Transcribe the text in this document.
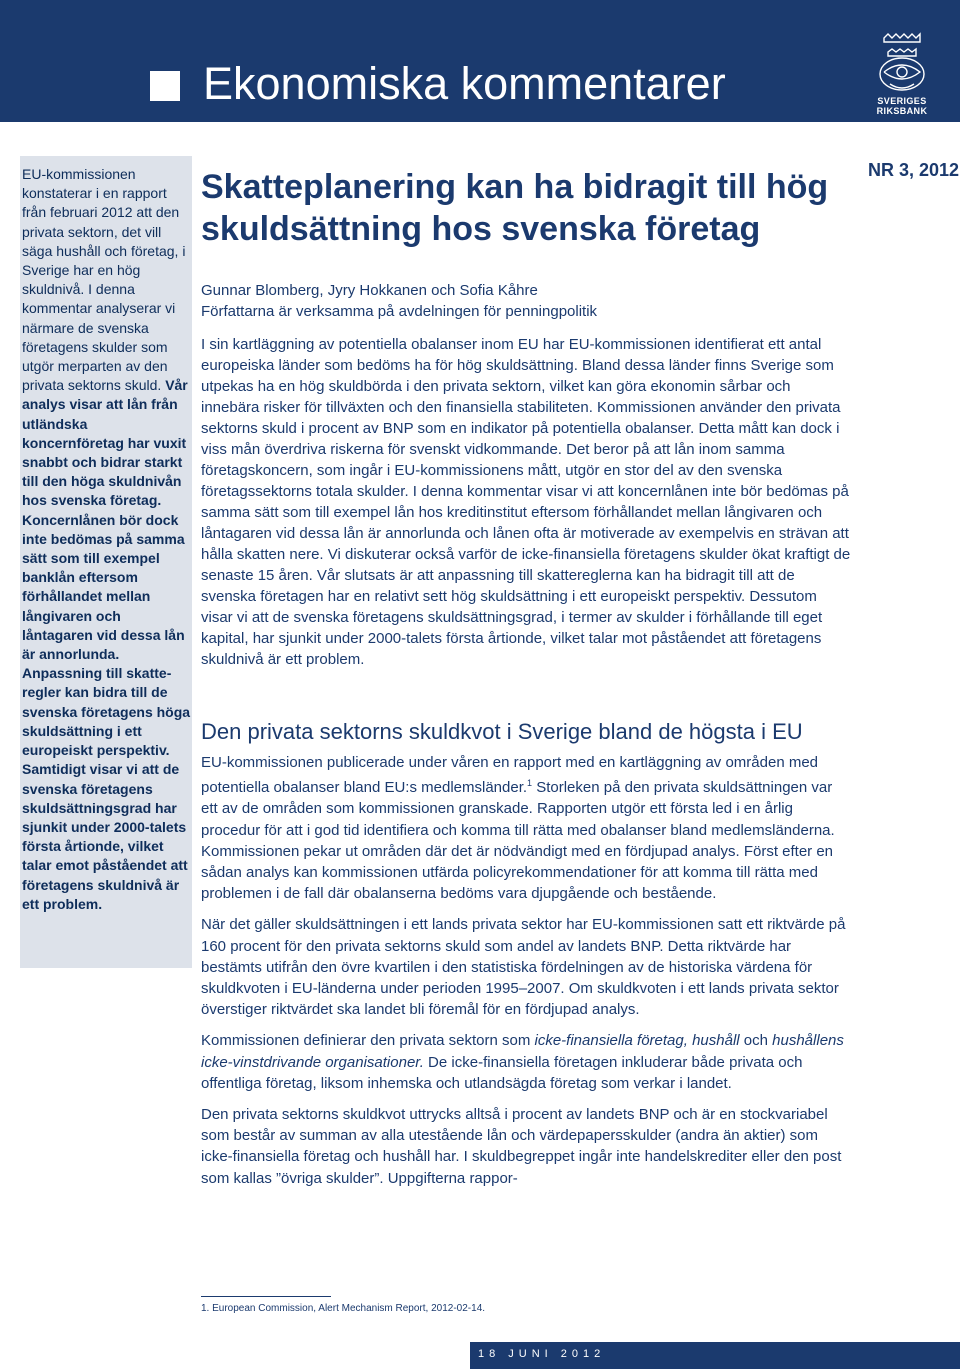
Ekonomiska kommentarer	SVERIGES
RIKSBANK
NR 3, 2012
EU-kommissionen konstaterar i en rapport från februari 2012 att den privata sektorn, det vill säga hushåll och företag, i Sverige har en hög skuldnivå. I denna kommentar analyserar vi närmare de svenska företagens skulder som utgör merparten av den privata sektorns skuld. Vår analys visar att lån från utländska koncernföretag har vuxit snabbt och bidrar starkt till den höga skuldnivån hos svenska företag. Koncernlånen bör dock inte bedömas på samma sätt som till exempel banklån eftersom förhållandet mellan långivaren och låntagaren vid dessa lån är annorlunda. Anpassning till skatteregler kan bidra till de svenska företagens höga skuldsättning i ett europeiskt perspektiv. Samtidigt visar vi att de svenska företagens skuldsättningsgrad har sjunkit under 2000-talets första årtionde, vilket talar emot påståendet att företagens skuldnivå är ett problem.
Skatteplanering kan ha bidragit till hög skuldsättning hos svenska företag
Gunnar Blomberg, Jyry Hokkanen och Sofia Kåhre
Författarna är verksamma på avdelningen för penningpolitik
I sin kartläggning av potentiella obalanser inom EU har EU-kommissionen identifierat ett antal europeiska länder som bedöms ha för hög skuldsättning. Bland dessa länder finns Sverige som utpekas ha en hög skuldbörda i den privata sektorn, vilket kan göra ekonomin sårbar och innebära risker för tillväxten och den finansiella stabiliteten. Kommissionen använder den privata sektorns skuld i procent av BNP som en indikator på potentiella obalanser. Detta mått kan dock i viss mån överdriva riskerna för svenskt vidkommande. Det beror på att lån inom samma företagskoncern, som ingår i EU-kommissionens mått, utgör en stor del av den svenska företagssektorns totala skulder. I denna kommentar visar vi att koncernlånen inte bör bedömas på samma sätt som till exempel lån hos kreditinstitut eftersom förhållandet mellan långivaren och låntagaren vid dessa lån är annorlunda och lånen ofta är motiverade av exempelvis en strävan att hålla skatten nere. Vi diskuterar också varför de icke-finansiella företagens skulder ökat kraftigt de senaste 15 åren. Vår slutsats är att anpassning till skattereglerna kan ha bidragit till att de svenska företagen har en relativt sett hög skuldsättning i ett europeiskt perspektiv. Dessutom visar vi att de svenska företagens skuldsättningsgrad, i termer av skulder i förhållande till eget kapital, har sjunkit under 2000-talets första årtionde, vilket talar mot påståendet att företagens skuldnivå är ett problem.
Den privata sektorns skuldkvot i Sverige bland de högsta i EU

EU-kommissionen publicerade under våren en rapport med en kartläggning av områden med potentiella obalanser bland EU:s medlemsländer.$^1$ Storleken på den privata skuldsättningen var ett av de områden som kommissionen granskade. Rapporten utgör ett första led i en årlig procedur för att i god tid identifiera och komma till rätta med obalanser bland medlemsländerna. Kommissionen pekar ut områden där det är nödvändigt med en fördjupad analys. Först efter en sådan analys kan kommissionen utfärda policyrekommendationer för att komma till rätta med problemen i de fall där obalanserna bedöms vara djupgående och bestående.

När det gäller skuldsättningen i ett lands privata sektor har EU-kommissionen satt ett riktvärde på 160 procent för den privata sektorns skuld som andel av landets BNP. Detta riktvärde har bestämts utifrån den övre kvartilen i den statistiska fördelningen av de historiska värdena för skuldkvoten i EU-länderna under perioden 1995–2007. Om skuldkvoten i ett lands privata sektor överstiger riktvärdet ska landet bli föremål för en fördjupad analys.

Kommissionen definierar den privata sektorn som icke-finansiella företag, hushåll och hushållens icke-vinstdrivande organisationer. De icke-finansiella företagen inkluderar både privata och offentliga företag, liksom inhemska och utlandsägda företag som verkar i landet.

Den privata sektorns skuldkvot uttrycks alltså i procent av landets BNP och är en stockvariabel som består av summan av alla utestående lån och värdepapersskulder (andra än aktier) som icke-finansiella företag och hushåll har. I skuldbegreppet ingår inte handelskrediter eller den post som kallas ”övriga skulder”. Uppgifterna rappor-

1. European Commission, Alert Mechanism Report, 2012-02-14.
18 JUNI 2012
